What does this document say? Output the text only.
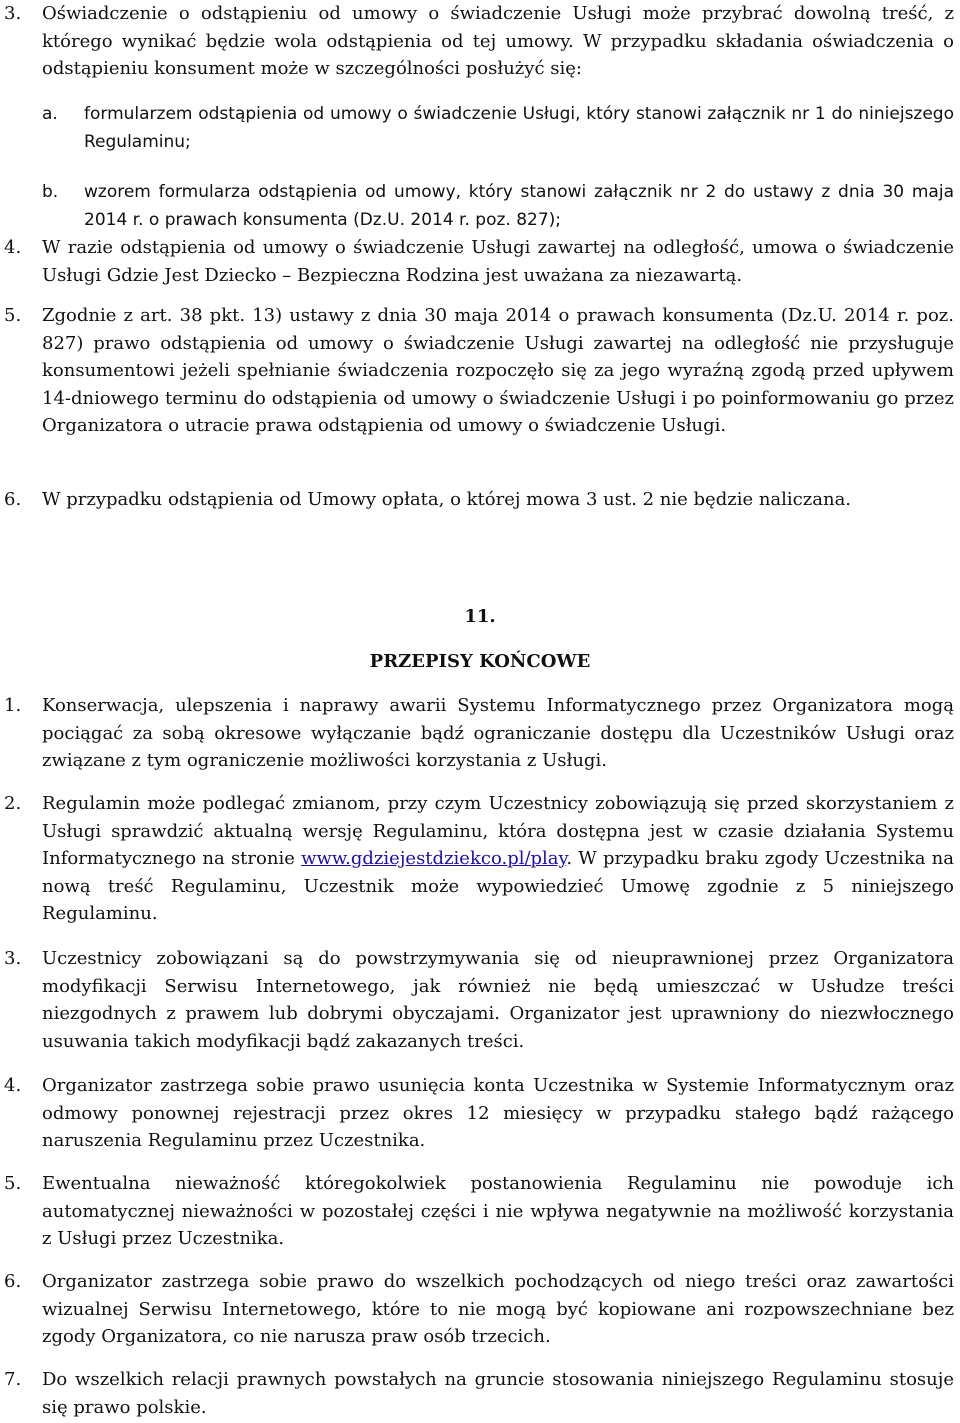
3. Oświadczenie o odstąpieniu od umowy o świadczenie Usługi może przybrać dowolną treść, z którego wynikać będzie wola odstąpienia od tej umowy. W przypadku składania oświadczenia o odstąpieniu konsument może w szczególności posłużyć się:

a. formularzem odstąpienia od umowy o świadczenie Usługi, który stanowi załącznik nr 1 do niniejszego Regulaminu;

b. wzorem formularza odstąpienia od umowy, który stanowi załącznik nr 2 do ustawy z dnia 30 maja 2014 r. o prawach konsumenta (Dz.U. 2014 r. poz. 827);

4. W razie odstąpienia od umowy o świadczenie Usługi zawartej na odległość, umowa o świadczenie Usługi Gdzie Jest Dziecko – Bezpieczna Rodzina jest uważana za niezawartą.

5. Zgodnie z art. 38 pkt. 13) ustawy z dnia 30 maja 2014 o prawach konsumenta (Dz.U. 2014 r. poz. 827) prawo odstąpienia od umowy o świadczenie Usługi zawartej na odległość nie przysługuje konsumentowi jeżeli spełnianie świadczenia rozpoczęło się za jego wyraźną zgodą przed upływem 14-dniowego terminu do odstąpienia od umowy o świadczenie Usługi i po poinformowaniu go przez Organizatora o utracie prawa odstąpienia od umowy o świadczenie Usługi.

6. W przypadku odstąpienia od Umowy opłata, o której mowa 3 ust. 2 nie będzie naliczana.

11.

PRZEPISY KOŃCOWE

1. Konserwacja, ulepszenia i naprawy awarii Systemu Informatycznego przez Organizatora mogą pociągać za sobą okresowe wyłączanie bądź ograniczanie dostępu dla Uczestników Usługi oraz związane z tym ograniczenie możliwości korzystania z Usługi.

2. Regulamin może podlegać zmianom, przy czym Uczestnicy zobowiązują się przed skorzystaniem z Usługi sprawdzić aktualną wersję Regulaminu, która dostępna jest w czasie działania Systemu Informatycznego na stronie www.gdziejestdziekco.pl/play. W przypadku braku zgody Uczestnika na nową treść Regulaminu, Uczestnik może wypowiedzieć Umowę zgodnie z 5 niniejszego Regulaminu.

3. Uczestnicy zobowiązani są do powstrzymywania się od nieuprawnionej przez Organizatora modyfikacji Serwisu Internetowego, jak również nie będą umieszczać w Usłudze treści niezgodnych z prawem lub dobrymi obyczajami. Organizator jest uprawniony do niezwłocznego usuwania takich modyfikacji bądź zakazanych treści.

4. Organizator zastrzega sobie prawo usunięcia konta Uczestnika w Systemie Informatycznym oraz odmowy ponownej rejestracji przez okres 12 miesięcy w przypadku stałego bądź rażącego naruszenia Regulaminu przez Uczestnika.

5. Ewentualna nieważność któregokolwiek postanowienia Regulaminu nie powoduje ich automatycznej nieważności w pozostałej części i nie wpływa negatywnie na możliwość korzystania z Usługi przez Uczestnika.

6. Organizator zastrzega sobie prawo do wszelkich pochodzących od niego treści oraz zawartości wizualnej Serwisu Internetowego, które to nie mogą być kopiowane ani rozpowszechniane bez zgody Organizatora, co nie narusza praw osób trzecich.

7. Do wszelkich relacji prawnych powstałych na gruncie stosowania niniejszego Regulaminu stosuje się prawo polskie.
